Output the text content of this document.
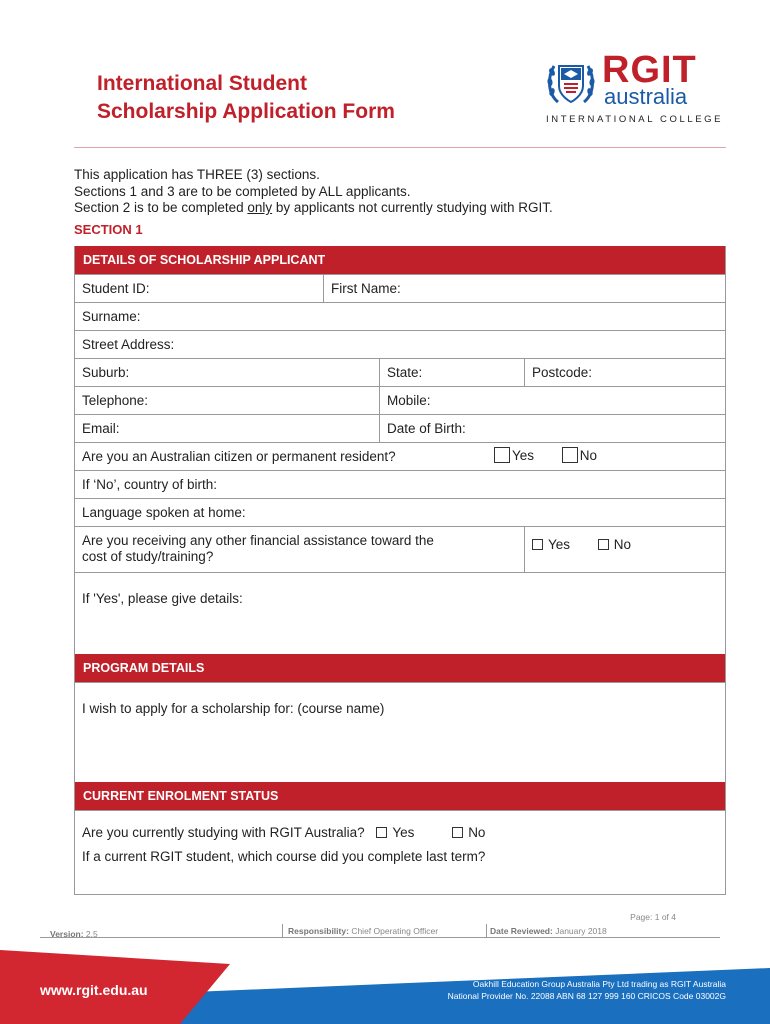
International Student
Scholarship Application Form
RGIT
australia
INTERNATIONAL COLLEGE
This application has THREE (3) sections.
Sections 1 and 3 are to be completed by ALL applicants.
Section 2 is to be completed only by applicants not currently studying with RGIT.
SECTION 1
DETAILS OF SCHOLARSHIP APPLICANT
Student ID:	First Name:
Surname:
Street Address:
Suburb:	State:	Postcode:
Telephone:	Mobile:
Email:	Date of Birth:
Are you an Australian citizen or permanent resident?	Yes	No
If ‘No’, country of birth:
Language spoken at home:
Are you receiving any other financial assistance toward the
cost of study/training?
Yes	No
If 'Yes', please give details:
PROGRAM DETAILS
I wish to apply for a scholarship for: (course name)
CURRENT ENROLMENT STATUS
Are you currently studying with RGIT Australia? Yes	No
If a current RGIT student, which course did you complete last term?
Page: 1 of 4
Version: 2.5	Responsibility: Chief Operating Officer	Date Reviewed: January 2018
www.rgit.edu.au	Oakhill Education Group Australia Pty Ltd trading as RGIT Australia
National Provider No. 22088 ABN 68 127 999 160 CRICOS Code 03002G
